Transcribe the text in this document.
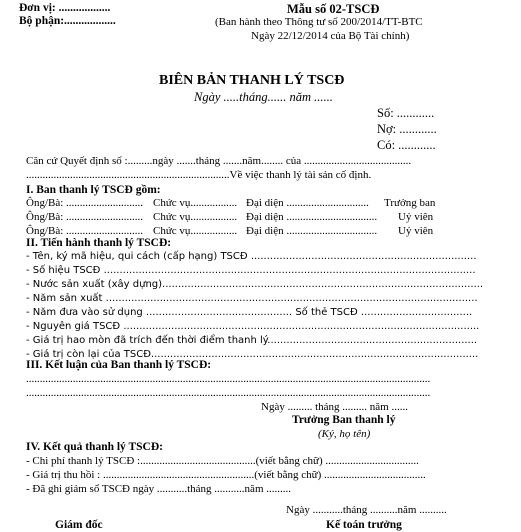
Đơn vị: ..................
Bộ phận:..................
Mẫu số 02-TSCĐ
(Ban hành theo Thông tư số 200/2014/TT-BTC
Ngày 22/12/2014 của Bộ Tài chính)
BIÊN BẢN THANH LÝ TSCĐ
Ngày .....tháng...... năm ......
Số: ............
Nợ: ............
Có: ............
Căn cứ Quyết định số :.........ngày .......tháng .......năm........ của .......................................
..........................................................................Về việc thanh lý tài sản cố định.
I. Ban thanh lý TSCĐ gồm:
Ông/Bà: ............................ Chức vụ................. Đại diện .............................. Trưởng ban
Ông/Bà: ............................ Chức vụ................. Đại diện ................................. Uỷ viên
Ông/Bà: ............................ Chức vụ................. Đại diện ................................. Uỷ viên
II. Tiến hành thanh lý TSCĐ:
- Tên, ký mã hiệu, qui cách (cấp hạng) TSCĐ .......................................................................
- Số hiệu TSCĐ .....................................................................................................................
- Nước sản xuất (xây dựng).....................................................................................................
- Năm sản xuất .....................................................................................................................
- Năm đưa vào sử dụng .............................................. Số thẻ TSCĐ ...................................
- Nguyên giá TSCĐ ................................................................................................................
- Giá trị hao mòn đã trích đến thời điểm thanh lý..................................................................
- Giá trị còn lại của TSCĐ.......................................................................................................
III. Kết luận của Ban thanh lý TSCĐ:
...................................................................................................................................................
...................................................................................................................................................
Ngày ......... tháng ......... năm ......
Trưởng Ban thanh lý
(Ký, họ tên)
IV. Kết quả thanh lý TSCĐ:
- Chi phí thanh lý TSCĐ :..........................................(viết bằng chữ) ..................................
- Giá trị thu hồi : .......................................................(viết bằng chữ) .....................................
- Đã ghi giảm sổ TSCĐ ngày ...........tháng ...........năm .........
Ngày ...........tháng ..........năm ..........
Giám đốc	Kế toán trưởng
